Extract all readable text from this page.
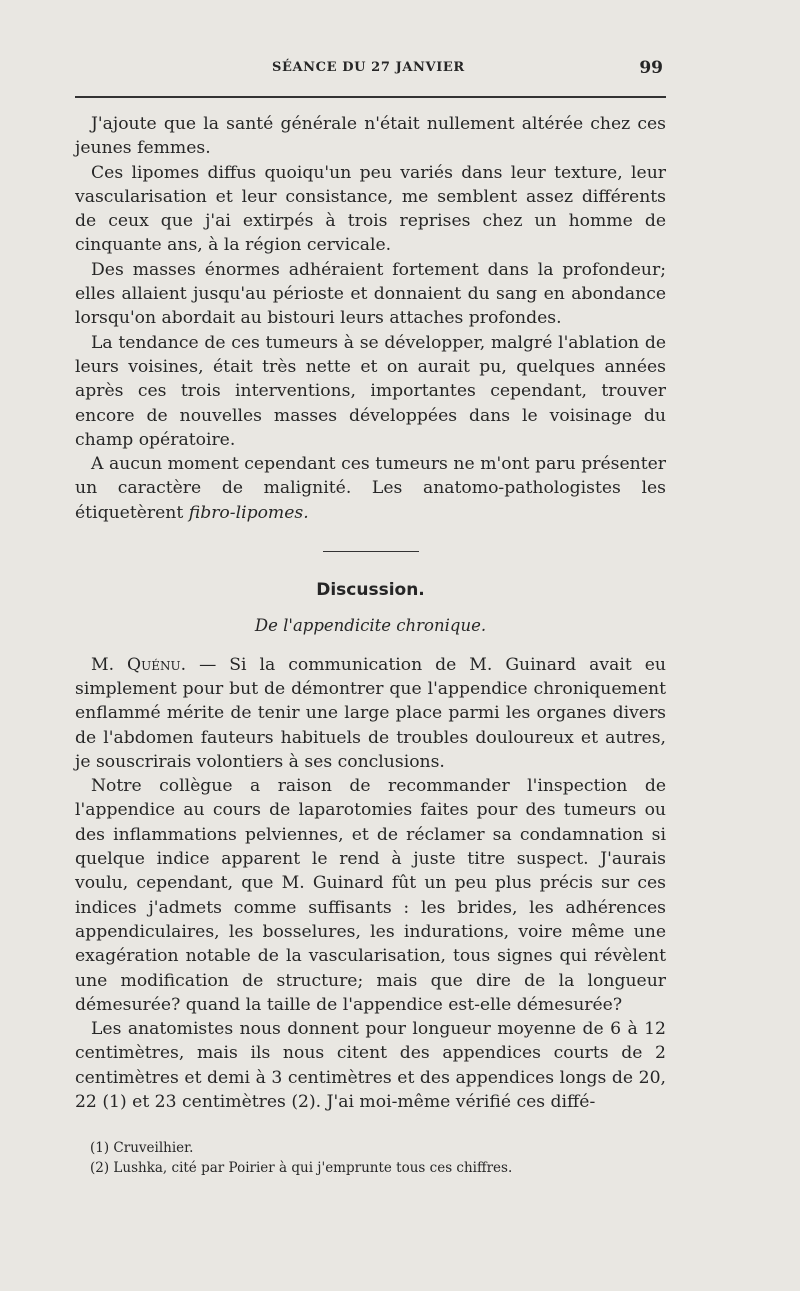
SÉANCE DU 27 JANVIER	99

J'ajoute que la santé générale n'était nullement altérée chez ces jeunes femmes.

Ces lipomes diffus quoiqu'un peu variés dans leur texture, leur vascularisation et leur consistance, me semblent assez différents de ceux que j'ai extirpés à trois reprises chez un homme de cinquante ans, à la région cervicale.

Des masses énormes adhéraient fortement dans la profondeur; elles allaient jusqu'au périoste et donnaient du sang en abondance lorsqu'on abordait au bistouri leurs attaches profondes.

La tendance de ces tumeurs à se développer, malgré l'ablation de leurs voisines, était très nette et on aurait pu, quelques années après ces trois interventions, importantes cependant, trouver encore de nouvelles masses développées dans le voisinage du champ opératoire.

A aucun moment cependant ces tumeurs ne m'ont paru présenter un caractère de malignité. Les anatomo-pathologistes les étiquetèrent fibro-lipomes.

Discussion.

De l'appendicite chronique.

M. Quénu. — Si la communication de M. Guinard avait eu simplement pour but de démontrer que l'appendice chroniquement enflammé mérite de tenir une large place parmi les organes divers de l'abdomen fauteurs habituels de troubles douloureux et autres, je souscrirais volontiers à ses conclusions.

Notre collègue a raison de recommander l'inspection de l'appendice au cours de laparotomies faites pour des tumeurs ou des inflammations pelviennes, et de réclamer sa condamnation si quelque indice apparent le rend à juste titre suspect. J'aurais voulu, cependant, que M. Guinard fût un peu plus précis sur ces indices j'admets comme suffisants : les brides, les adhérences appendiculaires, les bosselures, les indurations, voire même une exagération notable de la vascularisation, tous signes qui révèlent une modification de structure; mais que dire de la longueur démesurée? quand la taille de l'appendice est-elle démesurée?

Les anatomistes nous donnent pour longueur moyenne de 6 à 12 centimètres, mais ils nous citent des appendices courts de 2 centimètres et demi à 3 centimètres et des appendices longs de 20, 22 (1) et 23 centimètres (2). J'ai moi-même vérifié ces diffé-

(1) Cruveilhier.

(2) Lushka, cité par Poirier à qui j'emprunte tous ces chiffres.
